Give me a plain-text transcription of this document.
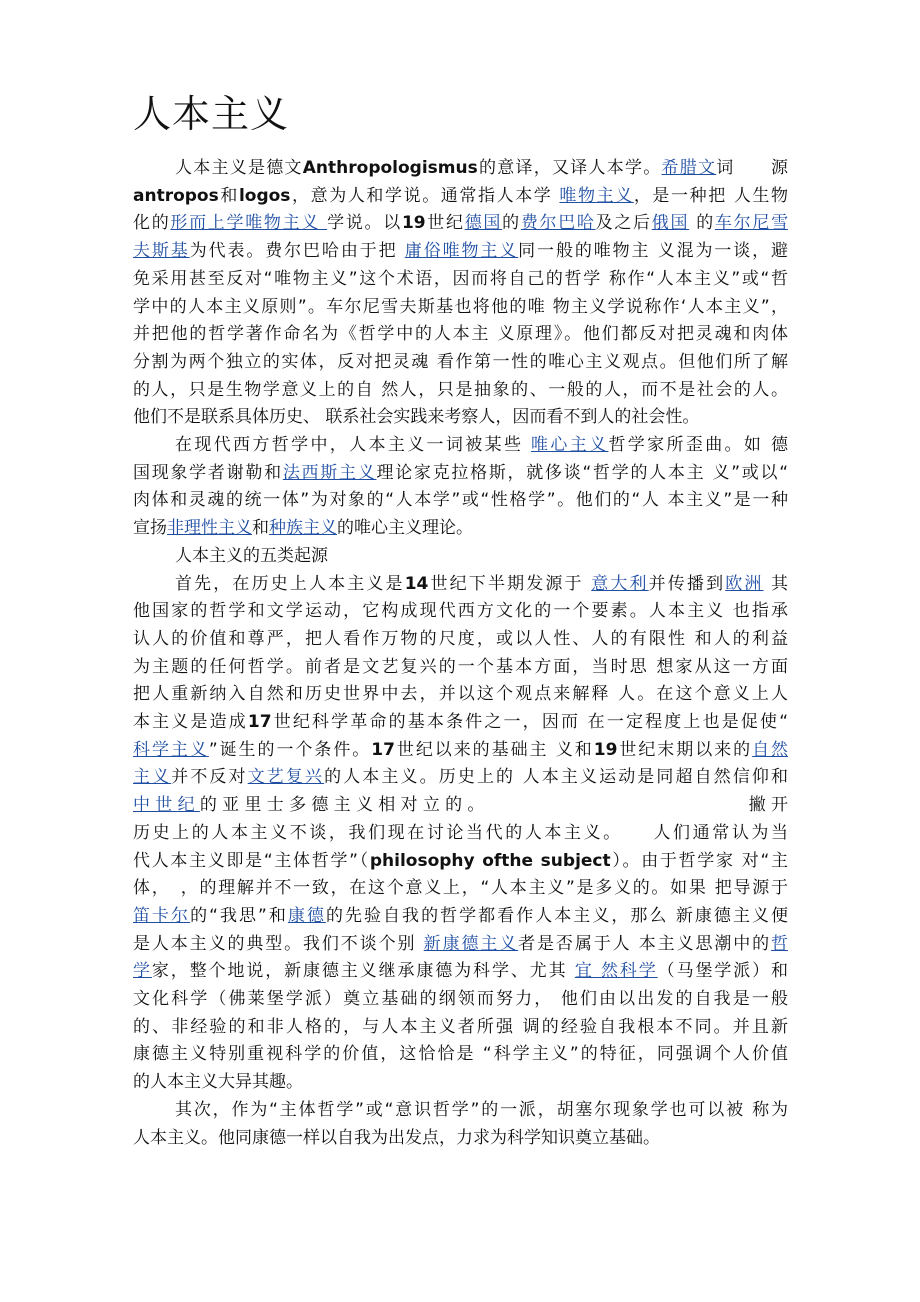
人本主义
人本主义是德文Anthropologismus的意译，又译人本学。希腊文词　　源
antropos和logos，意为人和学说。通常指人本学 唯物主义，是一种把 人生物
化的形而上学唯物主义 学说。以19世纪德国的费尔巴哈及之后俄国 的车尔尼雪
夫斯基为代表。费尔巴哈由于把 庸俗唯物主义同一般的唯物主 义混为一谈，避
免采用甚至反对“唯物主义”这个术语，因而将自己的哲学 称作“人本主义”或“哲
学中的人本主义原则”。车尔尼雪夫斯基也将他的唯 物主义学说称作‘人本主义”，
并把他的哲学著作命名为《哲学中的人本主 义原理》。他们都反对把灵魂和肉体
分割为两个独立的实体，反对把灵魂 看作第一性的唯心主义观点。但他们所了解
的人，只是生物学意义上的自 然人，只是抽象的、一般的人，而不是社会的人。
他们不是联系具体历史、 联系社会实践来考察人，因而看不到人的社会性。
在现代西方哲学中，人本主义一词被某些 唯心主义哲学家所歪曲。如 德
国现象学者谢勒和法西斯主义理论家克拉格斯，就侈谈“哲学的人本主 义”或以“
肉体和灵魂的统一体”为对象的“人本学”或“性格学”。他们的“人 本主义”是一种
宣扬非理性主义和种族主义的唯心主义理论。
人本主义的五类起源
首先，在历史上人本主义是14世纪下半期发源于 意大利并传播到欧洲 其
他国家的哲学和文学运动，它构成现代西方文化的一个要素。人本主义 也指承
认人的价值和尊严，把人看作万物的尺度，或以人性、人的有限性 和人的利益
为主题的任何哲学。前者是文艺复兴的一个基本方面，当时思 想家从这一方面
把人重新纳入自然和历史世界中去，并以这个观点来解释 人。在这个意义上人
本主义是造成17世纪科学革命的基本条件之一，因而 在一定程度上也是促使“
科学主义”诞生的一个条件。17世纪以来的基础主 义和19世纪末期以来的自然
主义并不反对文艺复兴的人本主义。历史上的 人本主义运动是同超自然信仰和
中世纪的亚里士多德主义相对立的。　　　　　　　　　　　　撇开
历史上的人本主义不谈，我们现在讨论当代的人本主义。　　人们通常认为当
代人本主义即是“主体哲学”（philosophy ofthe subject）。由于哲学家 对“主
体，　，的理解并不一致，在这个意义上，“人本主义”是多义的。如果 把导源于
笛卡尔的“我思”和康德的先验自我的哲学都看作人本主义，那么 新康德主义便
是人本主义的典型。我们不谈个别 新康德主义者是否属于人 本主义思潮中的哲
学家，整个地说，新康德主义继承康德为科学、尤其 宜 然科学（马堡学派）和
文化科学（佛莱堡学派）奠立基础的纲领而努力， 他们由以出发的自我是一般
的、非经验的和非人格的，与人本主义者所强 调的经验自我根本不同。并且新
康德主义特别重视科学的价值，这恰恰是 “科学主义”的特征，同强调个人价值
的人本主义大异其趣。
其次，作为“主体哲学”或“意识哲学”的一派，胡塞尔现象学也可以被 称为
人本主义。他同康德一样以自我为出发点，力求为科学知识奠立基础。
